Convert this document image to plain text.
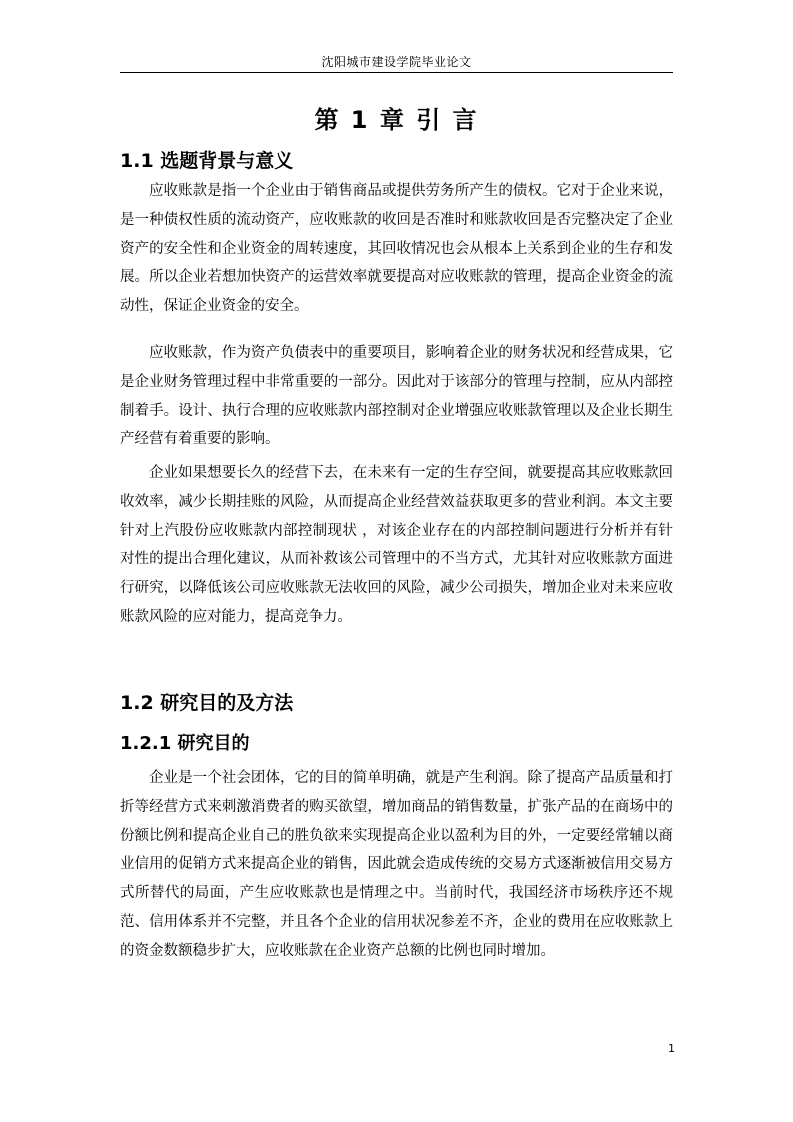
沈阳城市建设学院毕业论文
第 1 章 引 言
1.1 选题背景与意义

应收账款是指一个企业由于销售商品或提供劳务所产生的债权。它对于企业来说，是一种债权性质的流动资产，应收账款的收回是否准时和账款收回是否完整决定了企业资产的安全性和企业资金的周转速度，其回收情况也会从根本上关系到企业的生存和发展。所以企业若想加快资产的运营效率就要提高对应收账款的管理，提高企业资金的流动性，保证企业资金的安全。

应收账款，作为资产负债表中的重要项目，影响着企业的财务状况和经营成果，它是企业财务管理过程中非常重要的一部分。因此对于该部分的管理与控制，应从内部控制着手。设计、执行合理的应收账款内部控制对企业增强应收账款管理以及企业长期生产经营有着重要的影响。

企业如果想要长久的经营下去，在未来有一定的生存空间，就要提高其应收账款回收效率，减少长期挂账的风险，从而提高企业经营效益获取更多的营业利润。本文主要针对上汽股份应收账款内部控制现状 ，对该企业存在的内部控制问题进行分析并有针对性的提出合理化建议，从而补救该公司管理中的不当方式，尤其针对应收账款方面进行研究，以降低该公司应收账款无法收回的风险，减少公司损失，增加企业对未来应收账款风险的应对能力，提高竞争力。

1.2 研究目的及方法
1.2.1 研究目的

企业是一个社会团体，它的目的简单明确，就是产生利润。除了提高产品质量和打折等经营方式来刺激消费者的购买欲望，增加商品的销售数量，扩张产品的在商场中的份额比例和提高企业自己的胜负欲来实现提高企业以盈利为目的外，一定要经常辅以商业信用的促销方式来提高企业的销售，因此就会造成传统的交易方式逐渐被信用交易方式所替代的局面，产生应收账款也是情理之中。当前时代，我国经济市场秩序还不规范、信用体系并不完整，并且各个企业的信用状况参差不齐，企业的费用在应收账款上的资金数额稳步扩大，应收账款在企业资产总额的比例也同时增加。

1
